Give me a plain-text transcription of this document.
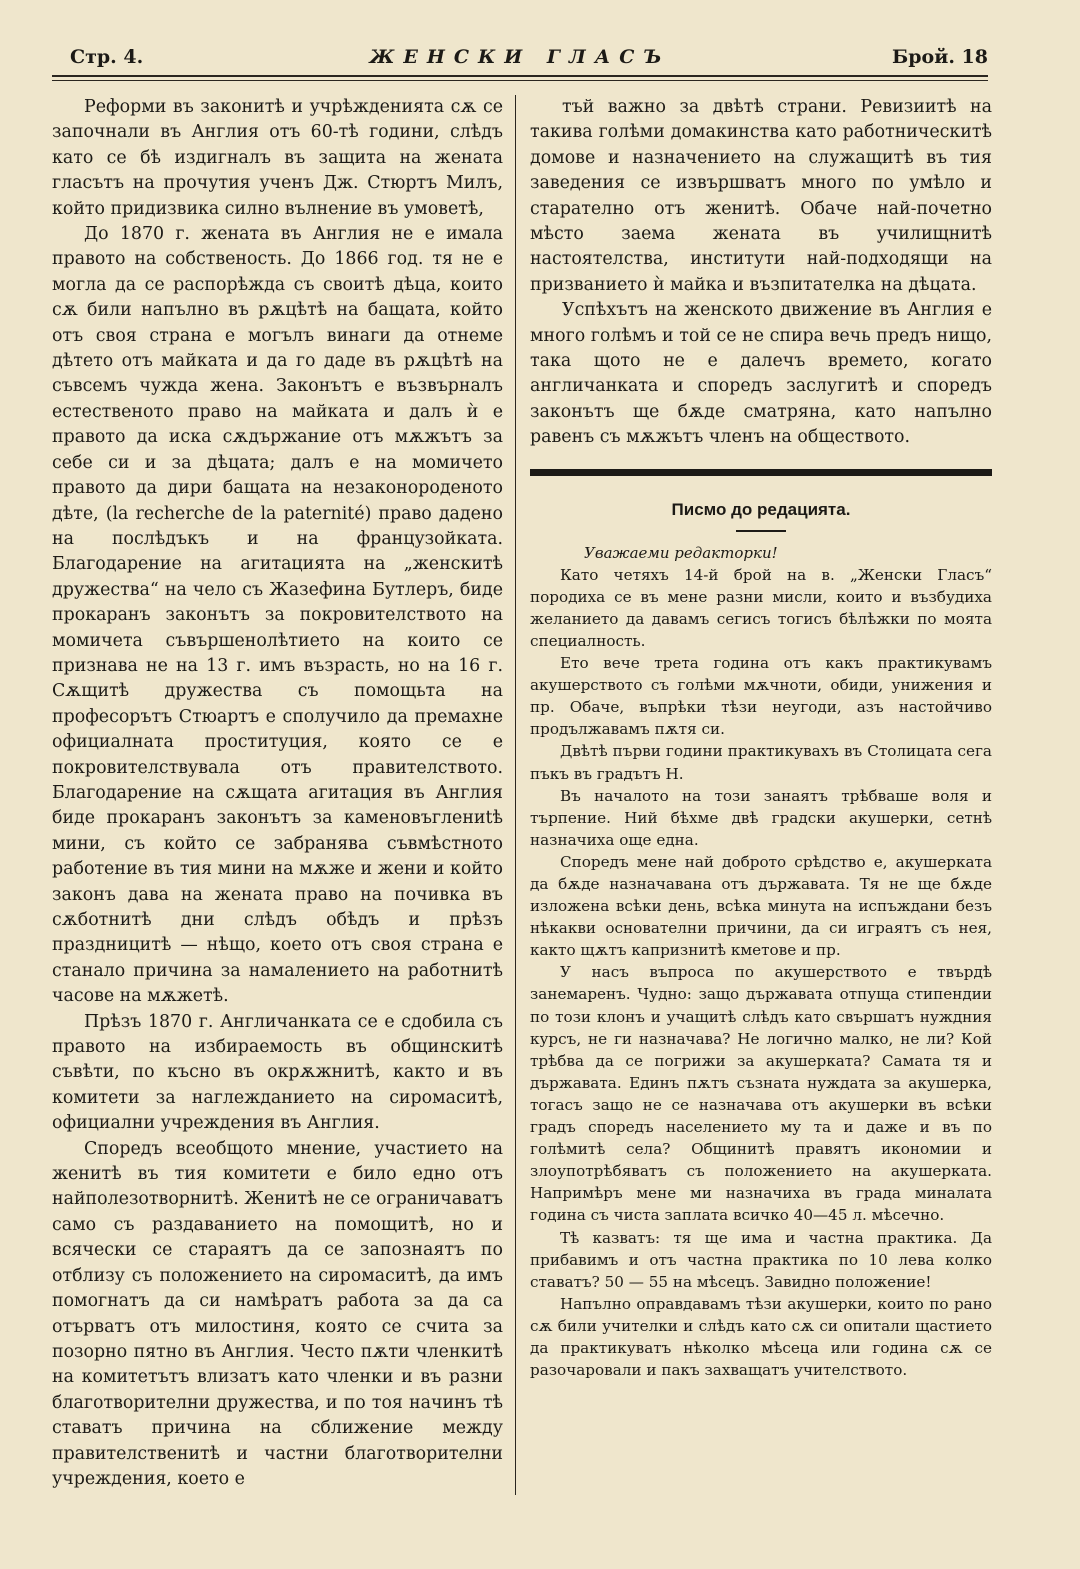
Стр. 4.	ЖЕНСКИ ГЛАСЪ	Брой. 18

Реформи въ законитѣ и учрѣжденията сѫ се започнали въ Англия отъ 60-тѣ години, слѣдъ като се бѣ издигналъ въ защита на жената гласътъ на прочутия ученъ Дж. Стюртъ Милъ, който придизвика силно вълнение въ умоветѣ,

До 1870 г. жената въ Англия не е имала правото на собственость. До 1866 год. тя не е могла да се распорѣжда съ своитѣ дѣца, които сѫ били напълно въ рѫцѣтѣ на бащата, който отъ своя страна е могълъ винаги да отнеме дѣтето отъ майката и да го даде въ рѫцѣтѣ на съвсемъ чужда жена. Законътъ е възвърналъ естественото право на майката и далъ ѝ е правото да иска сѫдържание отъ мѫжътъ за себе си и за дѣцата; далъ е на момичето правото да дири бащата на незаконороденото дѣте, (la recherche de la paternité) право дадено на послѣдъкъ и на французойката. Благодарение на агитацията на „женскитѣ дружества“ на чело съ Жазефина Бутлеръ, биде прокаранъ законътъ за покровителството на момичета съвършенолѣтието на които се признава не на 13 г. имъ възрасть, но на 16 г. Сѫщитѣ дружества съ помощьта на професорътъ Стюартъ е сполучило да премахне официалната проституция, която се е покровителствувала отъ правителството. Благодарение на сѫщата агитация въ Англия биде прокаранъ законътъ за каменовъглениtѣ мини, съ който се забранява съвмѣстното работение въ тия мини на мѫже и жени и който законъ дава на жената право на почивка въ сѫботнитѣ дни слѣдъ обѣдъ и прѣзъ праздницитѣ — нѣщо, което отъ своя страна е станало причина за намалението на работнитѣ часове на мѫжетѣ.

Прѣзъ 1870 г. Англичанката се е сдобила съ правото на избираемость въ общинскитѣ съвѣти, по късно въ окрѫжнитѣ, както и въ комитети за наглежданието на сиромаситѣ, официални учреждения въ Англия.

Споредъ всеобщото мнение, участието на женитѣ въ тия комитети е било едно отъ найполезотворнитѣ. Женитѣ не се ограничаватъ само съ раздаванието на помощитѣ, но и всячески се стараятъ да се запознаятъ по отблизу съ положението на сиромаситѣ, да имъ помогнатъ да си намѣратъ работа за да са отърватъ отъ милостиня, която се счита за позорно пятно въ Англия. Често пѫти членкитѣ на комитетътъ влизатъ като членки и въ разни благотворителни дружества, и по тоя начинъ тѣ ставатъ причина на сближение между правителственитѣ и частни благотворителни учреждения, което е

тъй важно за двѣтѣ страни. Ревизиитѣ на такива голѣми домакинства като работническитѣ домове и назначението на служащитѣ въ тия заведения се извършватъ много по умѣло и старателно отъ женитѣ. Обаче най-почетно мѣсто заема жената въ училищнитѣ настоятелства, институти най-подходящи на призванието ѝ майка и възпитателка на дѣцата.

Успѣхътъ на женското движение въ Англия е много голѣмъ и той се не спира вечь предъ нищо, така щото не е далечъ времето, когато англичанката и споредъ заслугитѣ и споредъ законътъ ще бѫде сматряна, като напълно равенъ съ мѫжътъ членъ на обществото.

Писмо до редацията.
Уважаеми редакторки!

Като четяхъ 14-й брой на в. „Женски Гласъ“ породиха се въ мене разни мисли, които и възбудиха желанието да давамъ сегисъ тогисъ бѣлѣжки по моята специалность.

Ето вече трета година отъ какъ практикувамъ акушерството съ голѣми мѫчноти, обиди, унижения и пр. Обаче, въпрѣки тѣзи неугоди, азъ настойчиво продължавамъ пѫтя си.

Двѣтѣ първи години практикувахъ въ Столицата сега пъкъ въ градътъ Н.

Въ началото на този занаятъ трѣбваше воля и търпение. Ний бѣхме двѣ градски акушерки, сетнѣ назначиха още една.

Споредъ мене най доброто срѣдство е, акушерката да бѫде назначавана отъ държавата. Тя не ще бѫде изложена всѣки день, всѣка минута на испъждани безъ нѣкакви основателни причини, да си играятъ съ нея, както щѫтъ капризнитѣ кметове и пр.

У насъ въпроса по акушерството е твърдѣ занемаренъ. Чудно: защо държавата отпуща стипендии по този клонъ и учащитѣ слѣдъ като свършатъ нуждния курсъ, не ги назначава? Не логично малко, не ли? Кой трѣбва да се погрижи за акушерката? Самата тя и държавата. Единъ пѫтъ съзната нуждата за акушерка, тогасъ защо не се назначава отъ акушерки въ всѣки градъ споредъ населението му та и даже и въ по голѣмитѣ села? Общинитѣ правятъ икономии и злоупотрѣбяватъ съ положението на акушерката. Напримѣръ мене ми назначиха въ града миналата година съ чиста заплата всичко 40—45 л. мѣсечно.

Тѣ казватъ: тя ще има и частна практика. Да прибавимъ и отъ частна практика по 10 лева колко ставатъ? 50 — 55 на мѣсецъ. Завидно положение!

Напълно оправдавамъ тѣзи акушерки, които по рано сѫ били учителки и слѣдъ като сѫ си опитали щастието да практикуватъ нѣколко мѣсеца или година сѫ се разочаровали и пакъ захващатъ учителството.
